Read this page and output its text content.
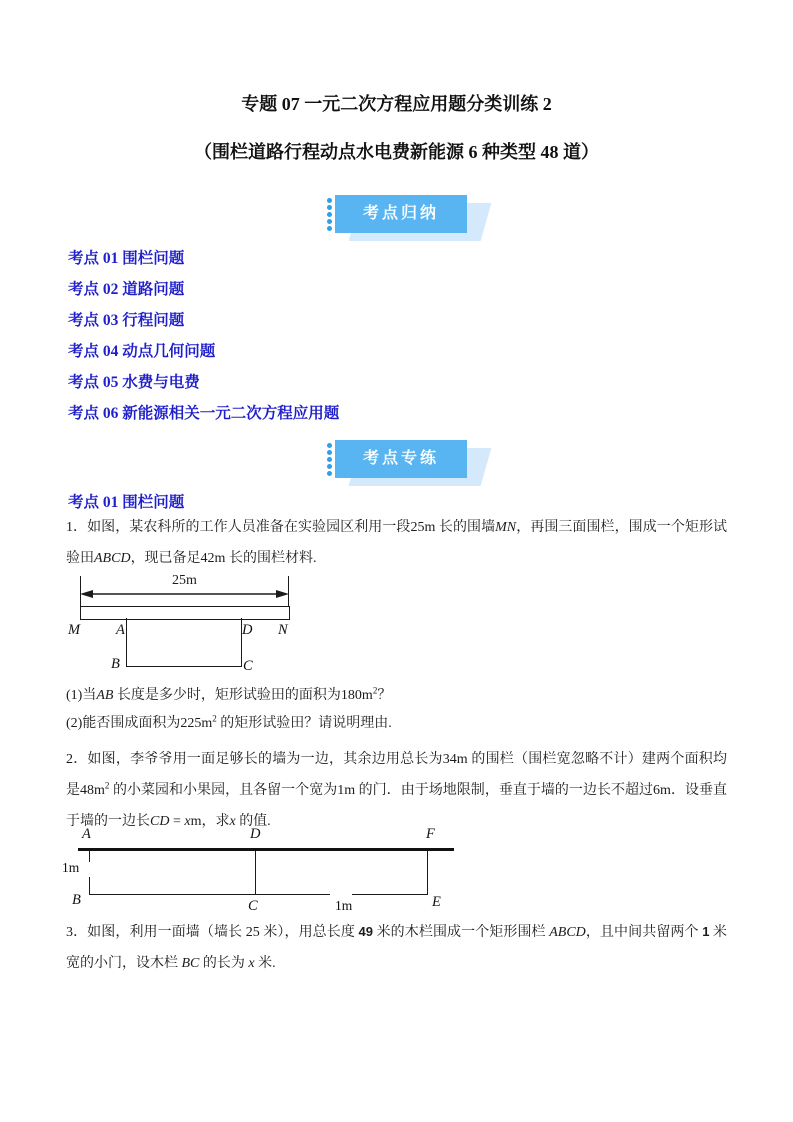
专题 07 一元二次方程应用题分类训练 2
（围栏道路行程动点水电费新能源 6 种类型 48 道）
考点归纳
考点 01 围栏问题
考点 02 道路问题
考点 03 行程问题
考点 04 动点几何问题
考点 05 水费与电费
考点 06 新能源相关一元二次方程应用题
考点专练
考点 01 围栏问题
1．如图，某农科所的工作人员准备在实验园区利用一段25m 长的围墙MN，再围三面围栏，围成一个矩形试验田ABCD，现已备足42m 长的围栏材料.
25m
M A	D N
B	C
(1)当AB 长度是多少时，矩形试验田的面积为$180m^2$？
(2)能否围成面积为$225m^2$ 的矩形试验田？请说明理由.
2．如图，李爷爷用一面足够长的墙为一边，其余边用总长为34m 的围栏（围栏宽忽略不计）建两个面积均是$48m^2$ 的小菜园和小果园，且各留一个宽为1m 的门．由于场地限制，垂直于墙的一边长不超过6m．设垂直于墙的一边长CD = xm，求x 的值.
A	D	F
1m
1m
B	C	E
3．如图，利用一面墙（墙长 25 米），用总长度 49 米的木栏围成一个矩形围栏 ABCD，且中间共留两个 1 米宽的小门，设木栏 BC 的长为 x 米.
